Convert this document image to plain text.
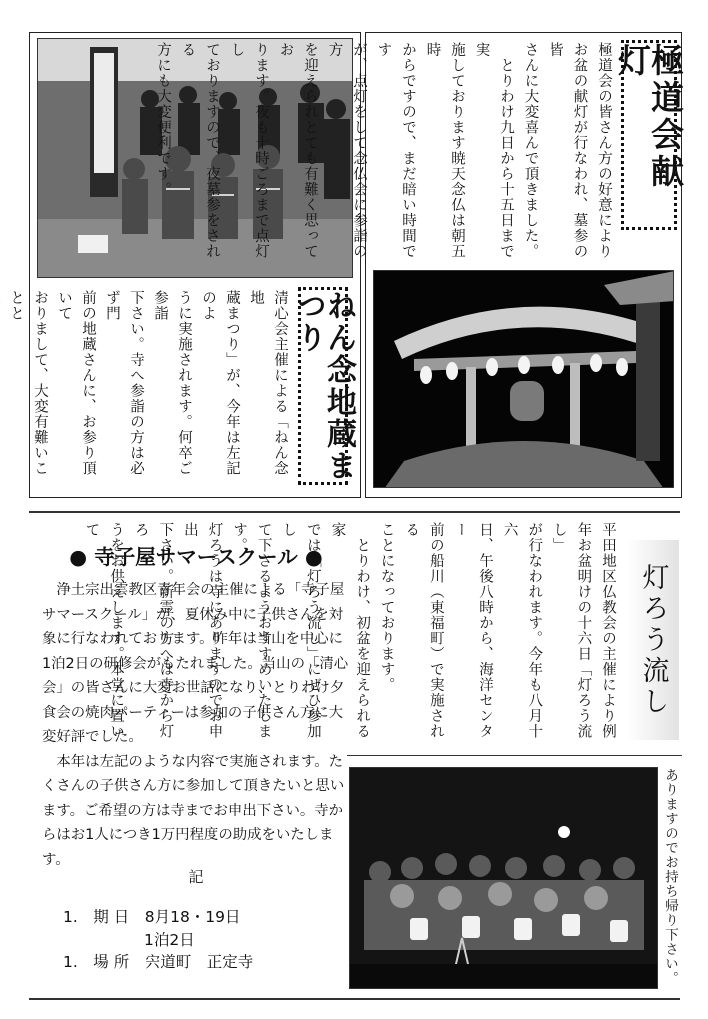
ねん念地蔵まつり
清心会主催による「ねん念地
蔵まつり」が、今年は左記のよ
うに実施されます。何卒ご参詣
下さい。寺へ参詣の方は必ず門
前の地蔵さんに、お参り頂いて
おりまして、大変有難いことと
極道会献灯
極道会の皆さん方の好意により
お盆の献灯が行なわれ、墓参の皆
さんに大変喜んで頂きました。
　とりわけ九日から十五日まで実
施しております暁天念仏は朝五時
からですので、まだ暗い時間です
が、点灯をして念仏会に参詣の方
を迎えられとても有難く思ってお
ります。夜も十時ごろまで点灯し
ておりますので、夜墓参をされる
方にも大変便利です。
● 寺子屋サマースクール ●

浄土宗出雲教区青年会の主催による「寺子屋サマースクール」が、夏休み中に子供さんを対象に行なわれております。昨年は当山を中心に1泊2日の研修会がもたれました。当山の「清心会」の皆さんに大変お世話になり、とりわけ夕食会の焼肉パーティーは参加の子供さん方に大変好評でした。

本年は左記のような内容で実施されます。たくさんの子供さん方に参加して頂きたいと思います。ご希望の方は寺までお申出下さい。寺からはお1人につき1万円程度の助成をいたします。

記
1.　期 日　8月18・19日
1泊2日
1.　場 所　宍道町　正定寺
灯ろう流し
平田地区仏教会の主催により例
年お盆明けの十六日「灯ろう流し」
が行なわれます。今年も八月十六
日、午後八時から、海洋センター
前の船川（東福町）で実施される
ことになっております。
　とりわけ、初盆を迎えられる家
では「灯ろう流し」にぜひ参加し
て下さるようおすすめいたします。
灯ろうは寺にありますのでお申出
下さい。新霊の方へは寺から灯ろ
うをお供えします。本堂に置いて
ありますのでお持ち帰り下さい。
